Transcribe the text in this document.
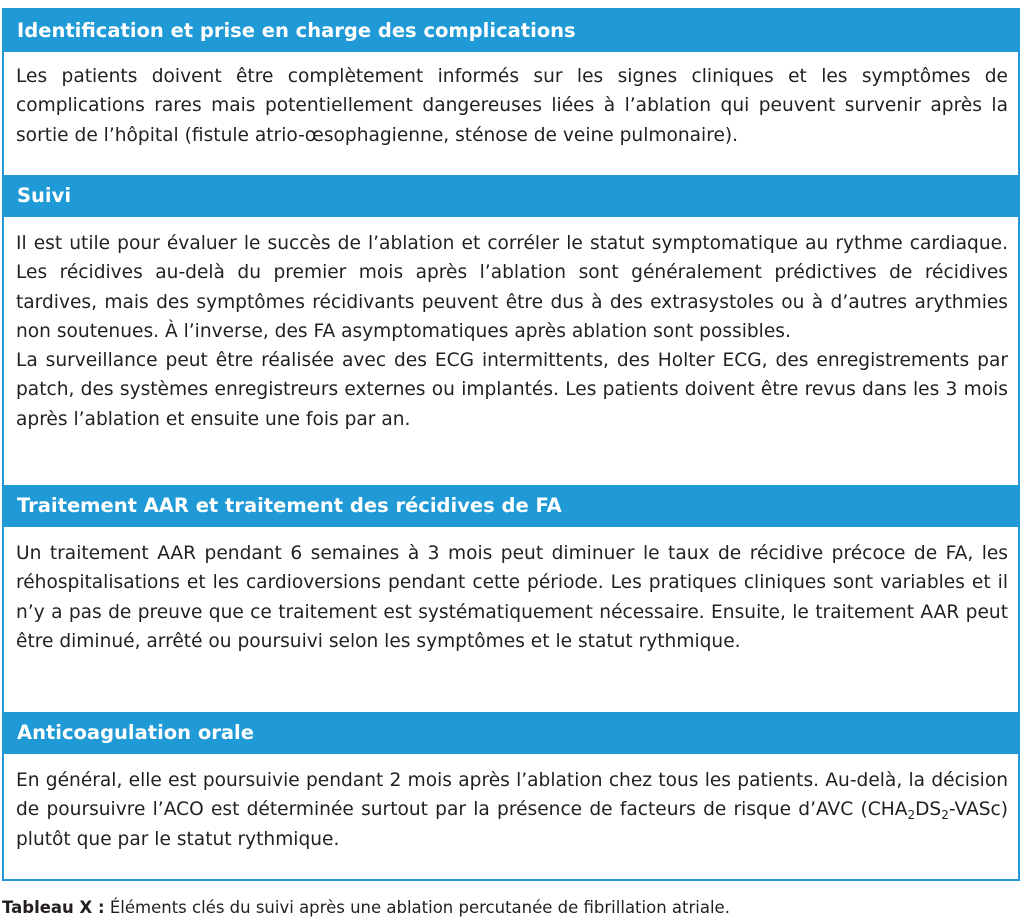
Identification et prise en charge des complications

Les patients doivent être complètement informés sur les signes cliniques et les symptômes de complications rares mais potentiellement dangereuses liées à l’ablation qui peuvent survenir après la sortie de l’hôpital (fistule atrio-œsophagienne, sténose de veine pulmonaire).

Suivi

Il est utile pour évaluer le succès de l’ablation et corréler le statut symptomatique au rythme cardiaque. Les récidives au-delà du premier mois après l’ablation sont généralement prédictives de récidives tardives, mais des symptômes récidivants peuvent être dus à des extrasystoles ou à d’autres arythmies non soutenues. À l’inverse, des FA asymptomatiques après ablation sont possibles.

La surveillance peut être réalisée avec des ECG intermittents, des Holter ECG, des enregistrements par patch, des systèmes enregistreurs externes ou implantés. Les patients doivent être revus dans les 3 mois après l’ablation et ensuite une fois par an.

Traitement AAR et traitement des récidives de FA

Un traitement AAR pendant 6 semaines à 3 mois peut diminuer le taux de récidive précoce de FA, les réhospitalisations et les cardioversions pendant cette période. Les pratiques cliniques sont variables et il n’y a pas de preuve que ce traitement est systématiquement nécessaire. Ensuite, le traitement AAR peut être diminué, arrêté ou poursuivi selon les symptômes et le statut rythmique.

Anticoagulation orale

En général, elle est poursuivie pendant 2 mois après l’ablation chez tous les patients. Au-delà, la décision de poursuivre l’ACO est déterminée surtout par la présence de facteurs de risque d’AVC $(CHA_2DS_2-VASc)$ plutôt que par le statut rythmique.

Tableau X : Éléments clés du suivi après une ablation percutanée de fibrillation atriale.
